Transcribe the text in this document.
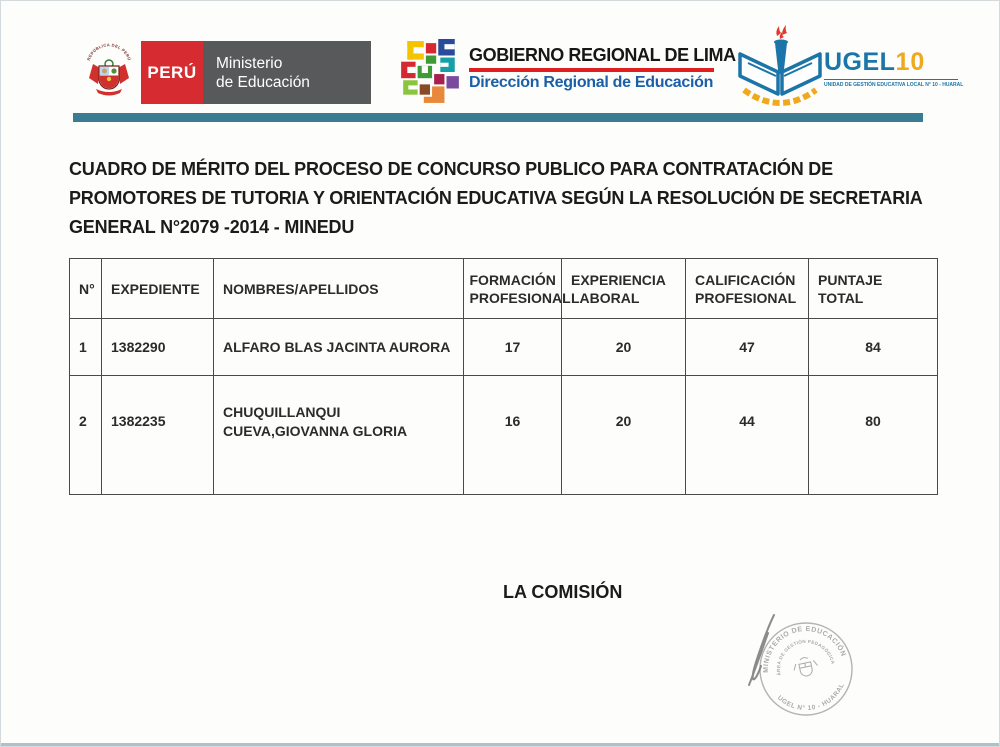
REPÚBLICA DEL PERÚ
PERÚ Ministerio
de Educación
GOBIERNO REGIONAL DE LIMA
Dirección Regional de Educación
UGEL10
UNIDAD DE GESTIÓN EDUCATIVA LOCAL N° 10 - HUARAL
CUADRO DE MÉRITO DEL PROCESO DE CONCURSO PUBLICO PARA CONTRATACIÓN DE
PROMOTORES DE TUTORIA Y ORIENTACIÓN EDUCATIVA SEGÚN LA RESOLUCIÓN DE SECRETARIA
GENERAL N°2079 -2014 - MINEDU
N°	EXPEDIENTE	NOMBRES/APELLIDOS	FORMACIÓN PROFESIONAL	EXPERIENCIA LABORAL	CALIFICACIÓN PROFESIONAL	PUNTAJE TOTAL
1	1382290	ALFARO BLAS JACINTA AURORA	17	20	47	84
2	1382235	CHUQUILLANQUI CUEVA,GIOVANNA GLORIA	16	20	44	80
LA COMISIÓN
MINISTERIO DE EDUCACIÓN
UGEL N° 10 - HUARAL
ÁREA DE GESTIÓN PEDAGÓGICA
